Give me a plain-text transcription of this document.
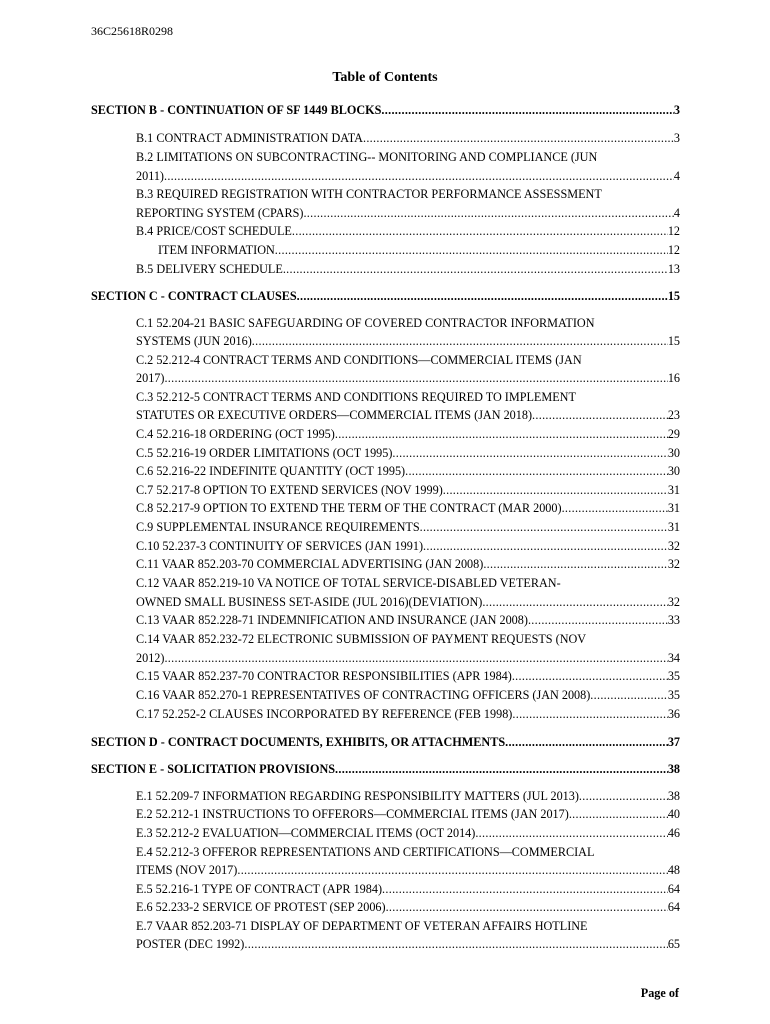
36C25618R0298
Table of Contents
SECTION B - CONTINUATION OF SF 1449 BLOCKS .....	3
B.1 CONTRACT ADMINISTRATION DATA .....	3
B.2 LIMITATIONS ON SUBCONTRACTING-- MONITORING AND COMPLIANCE (JUN
2011) .....	4
B.3 REQUIRED REGISTRATION WITH CONTRACTOR PERFORMANCE ASSESSMENT
REPORTING SYSTEM (CPARS) .....	4
B.4 PRICE/COST SCHEDULE .....	12
ITEM INFORMATION .....	12
B.5 DELIVERY SCHEDULE .....	13
SECTION C - CONTRACT CLAUSES .....	15
C.1 52.204-21 BASIC SAFEGUARDING OF COVERED CONTRACTOR INFORMATION
SYSTEMS (JUN 2016) .....	15
C.2 52.212-4 CONTRACT TERMS AND CONDITIONS—COMMERCIAL ITEMS (JAN
2017) .....	16
C.3 52.212-5 CONTRACT TERMS AND CONDITIONS REQUIRED TO IMPLEMENT
STATUTES OR EXECUTIVE ORDERS—COMMERCIAL ITEMS (JAN 2018) .....	23
C.4 52.216-18 ORDERING (OCT 1995) .....	29
C.5 52.216-19 ORDER LIMITATIONS (OCT 1995) .....	30
C.6 52.216-22 INDEFINITE QUANTITY (OCT 1995) .....	30
C.7 52.217-8 OPTION TO EXTEND SERVICES (NOV 1999) .....	31
C.8 52.217-9 OPTION TO EXTEND THE TERM OF THE CONTRACT (MAR 2000) .....	31
C.9 SUPPLEMENTAL INSURANCE REQUIREMENTS .....	31
C.10 52.237-3 CONTINUITY OF SERVICES (JAN 1991) .....	32
C.11 VAAR 852.203-70 COMMERCIAL ADVERTISING (JAN 2008) .....	32
C.12 VAAR 852.219-10 VA NOTICE OF TOTAL SERVICE-DISABLED VETERAN-
OWNED SMALL BUSINESS SET-ASIDE (JUL 2016)(DEVIATION) .....	32
C.13 VAAR 852.228-71 INDEMNIFICATION AND INSURANCE (JAN 2008) .....	33
C.14 VAAR 852.232-72 ELECTRONIC SUBMISSION OF PAYMENT REQUESTS (NOV
2012) .....	34
C.15 VAAR 852.237-70 CONTRACTOR RESPONSIBILITIES (APR 1984) .....	35
C.16 VAAR 852.270-1 REPRESENTATIVES OF CONTRACTING OFFICERS (JAN 2008) .....	35
C.17 52.252-2 CLAUSES INCORPORATED BY REFERENCE (FEB 1998) .....	36
SECTION D - CONTRACT DOCUMENTS, EXHIBITS, OR ATTACHMENTS .....	37
SECTION E - SOLICITATION PROVISIONS .....	38
E.1 52.209-7 INFORMATION REGARDING RESPONSIBILITY MATTERS (JUL 2013) .....	38
E.2 52.212-1 INSTRUCTIONS TO OFFERORS—COMMERCIAL ITEMS (JAN 2017) .....	40
E.3 52.212-2 EVALUATION—COMMERCIAL ITEMS (OCT 2014) .....	46
E.4 52.212-3 OFFEROR REPRESENTATIONS AND CERTIFICATIONS—COMMERCIAL
ITEMS (NOV 2017) .....	48
E.5 52.216-1 TYPE OF CONTRACT (APR 1984) .....	64
E.6 52.233-2 SERVICE OF PROTEST (SEP 2006) .....	64
E.7 VAAR 852.203-71 DISPLAY OF DEPARTMENT OF VETERAN AFFAIRS HOTLINE
POSTER (DEC 1992) .....	65
Page of
